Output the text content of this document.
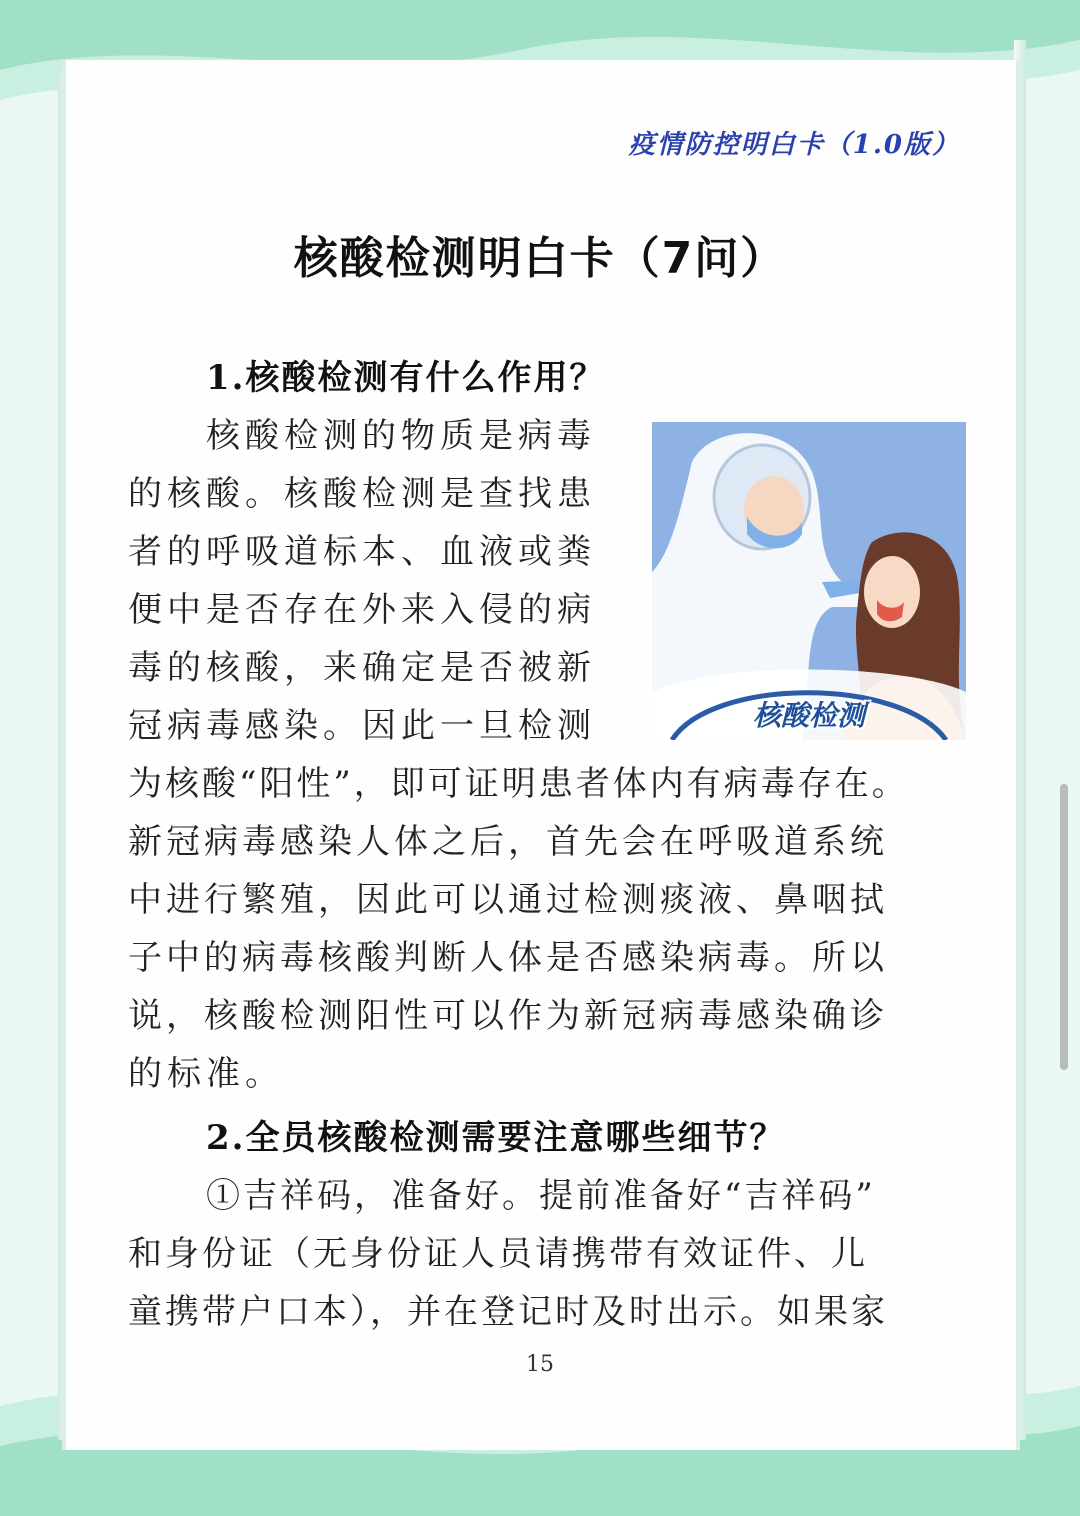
疫情防控明白卡（1.0版）
核酸检测明白卡（7问）
1.核酸检测有什么作用？
核酸检测的物质是病毒
的核酸。核酸检测是查找患
者的呼吸道标本、血液或粪
便中是否存在外来入侵的病
毒的核酸，来确定是否被新
冠病毒感染。因此一旦检测
为核酸“阳性”，即可证明患者体内有病毒存在。
新冠病毒感染人体之后，首先会在呼吸道系统
中进行繁殖，因此可以通过检测痰液、鼻咽拭
子中的病毒核酸判断人体是否感染病毒。所以
说，核酸检测阳性可以作为新冠病毒感染确诊
的标准。
核酸检测
2.全员核酸检测需要注意哪些细节？
①吉祥码，准备好。提前准备好“吉祥码”
和身份证（无身份证人员请携带有效证件、儿
童携带户口本），并在登记时及时出示。如果家
15
